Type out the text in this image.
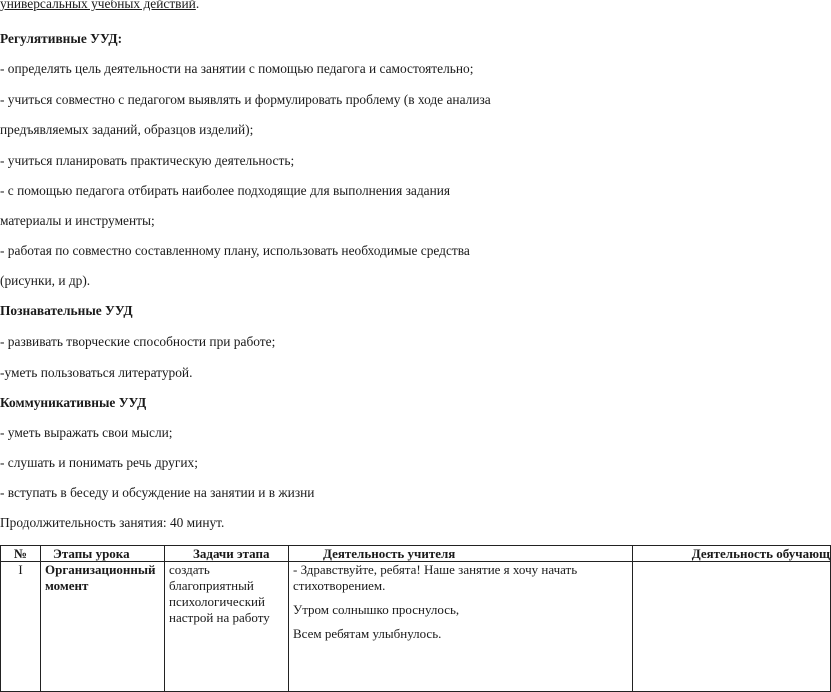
универсальных учебных действий.
Регулятивные УУД:
- определять цель деятельности на занятии с помощью педагога и самостоятельно;
- учиться совместно с педагогом выявлять и формулировать проблему (в ходе анализа
предъявляемых заданий, образцов изделий);
- учиться планировать практическую деятельность;
- с помощью педагога отбирать наиболее подходящие для выполнения задания
материалы и инструменты;
- работая по совместно составленному плану, использовать необходимые средства
(рисунки, и др).
Познавательные УУД
- развивать творческие способности при работе;
-уметь пользоваться литературой.
Коммуникативные УУД
- уметь выражать свои мысли;
- слушать и понимать речь других;
- вступать в беседу и обсуждение на занятии и в жизни
Продолжительность занятия: 40 минут.
№	Этапы урока	Задачи этапа	Деятельность учителя	Деятельность обучающ
I	Организационный момент	создать благоприятный психологический настрой на работу	- Здравствуйте, ребята! Наше занятие я хочу начать стихотворением.

Утром солнышко проснулось,

Всем ребятам улыбнулось.	
